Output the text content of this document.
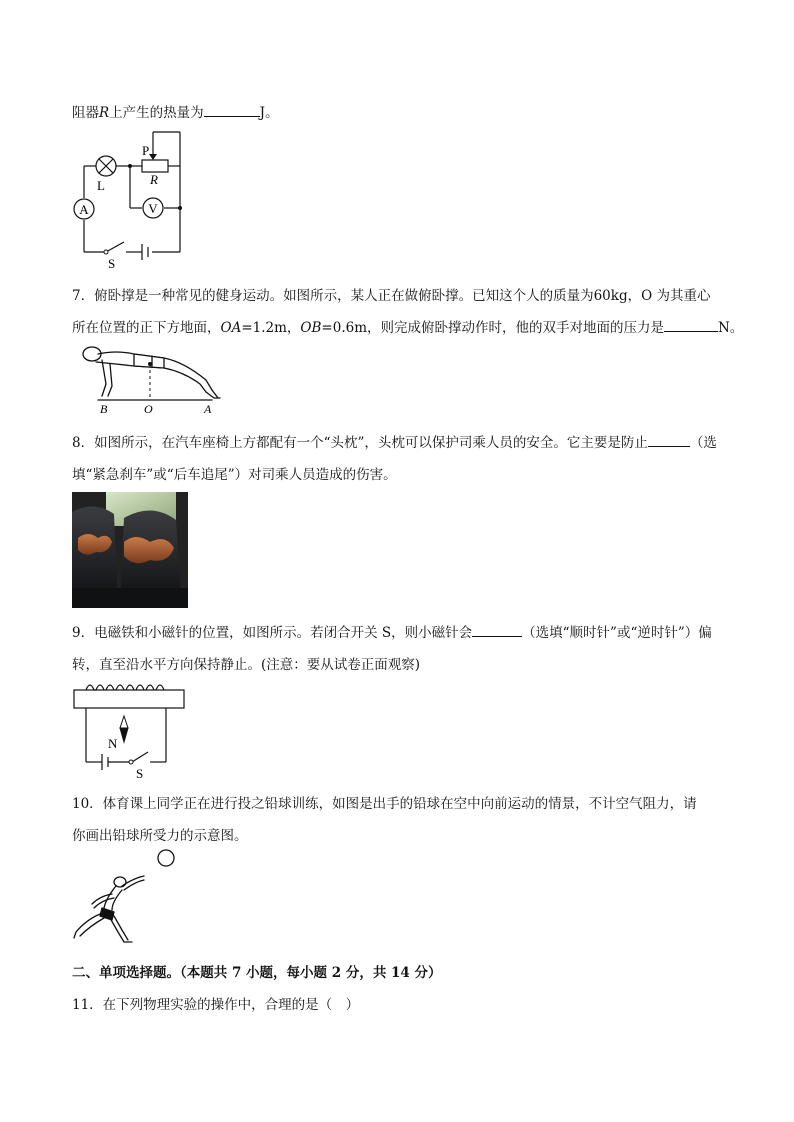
阻器R上产生的热量为	J。
A	V
P
R
L
S
7．俯卧撑是一种常见的健身运动。如图所示，某人正在做俯卧撑。已知这个人的质量为60kg，O 为其重心
所在位置的正下方地面，OA=1.2m，OB=0.6m，则完成俯卧撑动作时，他的双手对地面的压力是	N。
B	O	A
8．如图所示，在汽车座椅上方都配有一个“头枕”，头枕可以保护司乘人员的安全。它主要是防止	（选
填“紧急刹车”或“后车追尾”）对司乘人员造成的伤害。
9．电磁铁和小磁针的位置，如图所示。若闭合开关 S，则小磁针会	（选填“顺时针”或“逆时针”）偏
转，直至沿水平方向保持静止。(注意：要从试卷正面观察)
N
S
10．体育课上同学正在进行投之铅球训练，如图是出手的铅球在空中向前运动的情景，不计空气阻力，请
你画出铅球所受力的示意图。
二、单项选择题。（本题共 7 小题，每小题 2 分，共 14 分）
11．在下列物理实验的操作中，合理的是（　）
